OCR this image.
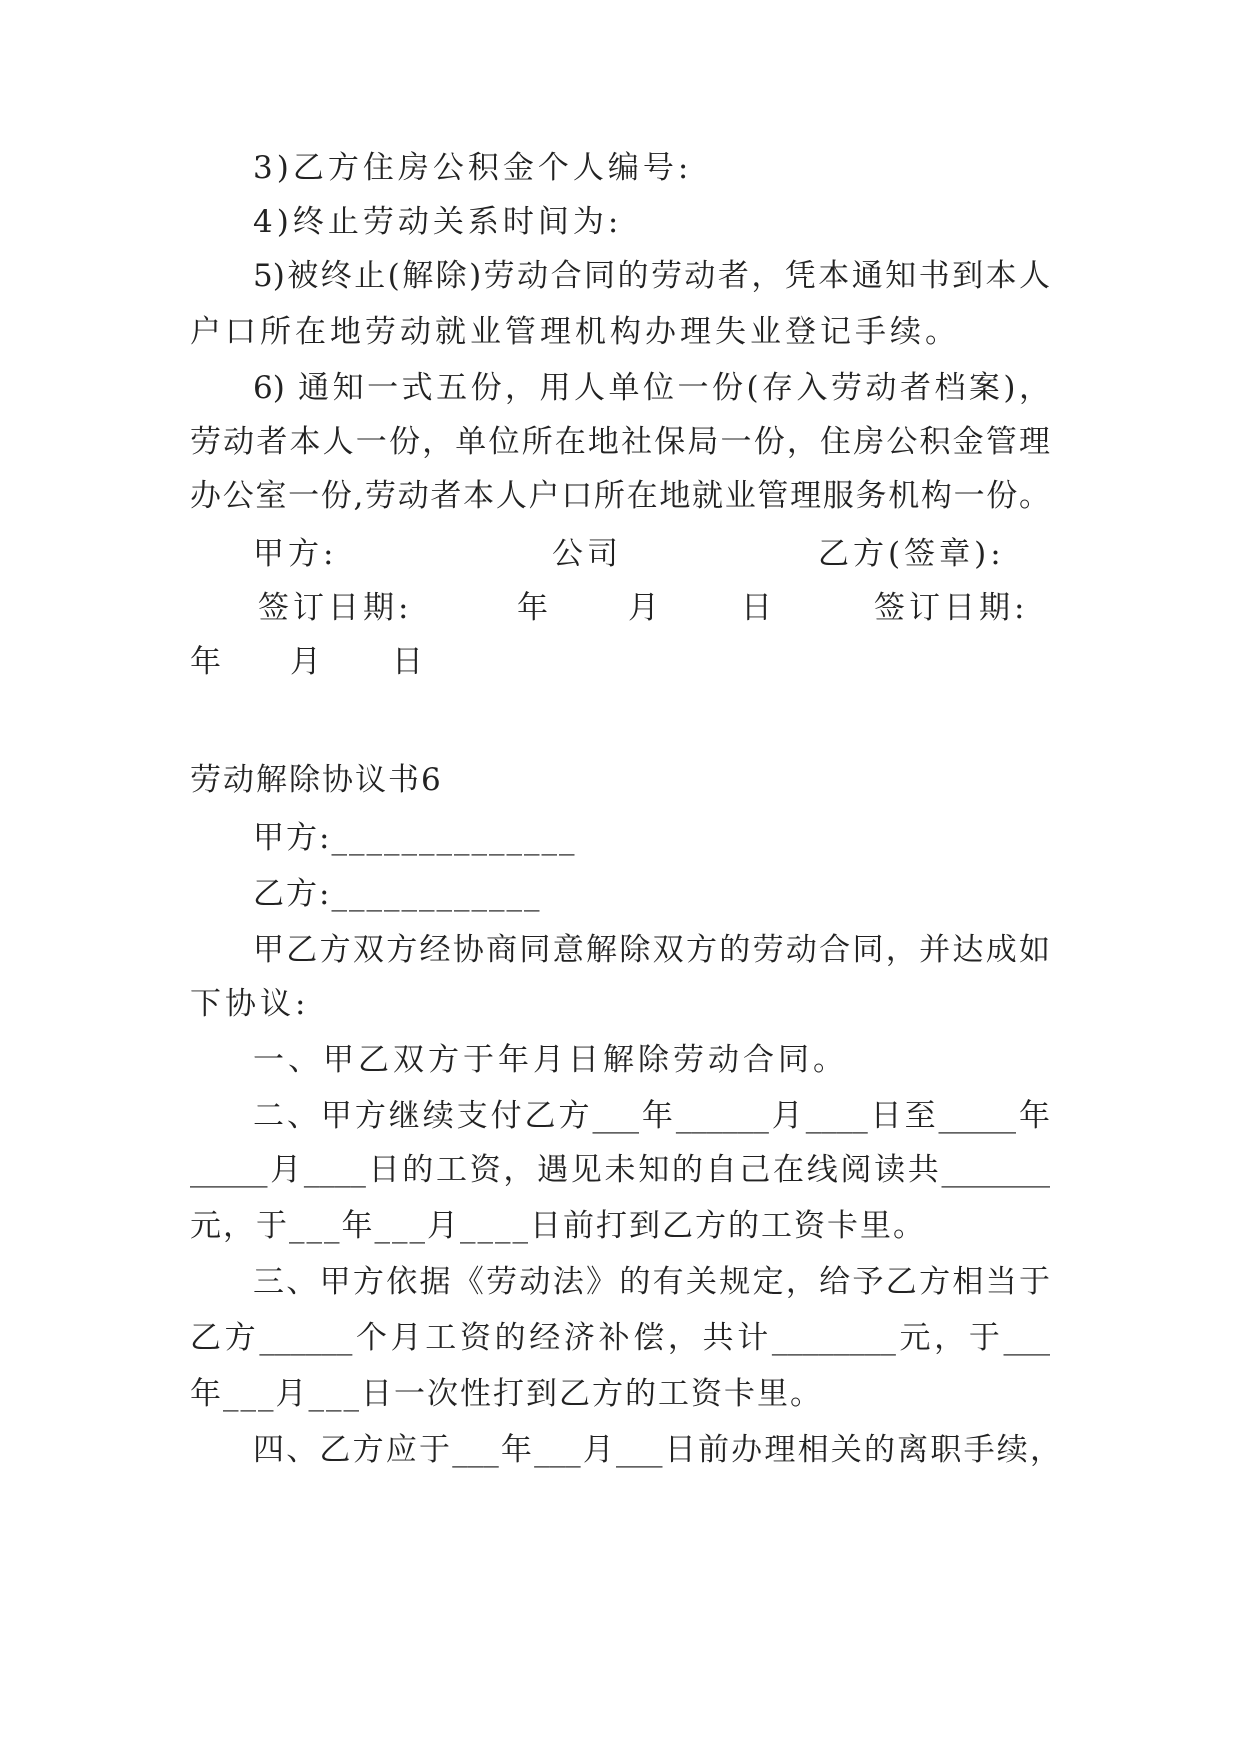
3)乙方住房公积金个人编号:
4)终止劳动关系时间为:
5)被终止(解除)劳动合同的劳动者，凭本通知书到本人
户口所在地劳动就业管理机构办理失业登记手续。
6) 通知一式五份，用人单位一份(存入劳动者档案)，
劳动者本人一份，单位所在地社保局一份，住房公积金管理
办公室一份,劳动者本人户口所在地就业管理服务机构一份。
甲方:	公司	乙方(签章):
签订日期:	年 月	日	签订日期:
年 月 日
劳动解除协议书6
甲方:______________
乙方:____________
甲乙方双方经协商同意解除双方的劳动合同，并达成如
下协议:
一、甲乙双方于年月日解除劳动合同。
二、甲方继续支付乙方___年______月____日至_____年
_____月____日的工资，遇见未知的自己在线阅读共_______
元，于___年___月____日前打到乙方的工资卡里。
三、甲方依据《劳动法》的有关规定，给予乙方相当于
乙方______个月工资的经济补偿，共计________元，于___
年___月___日一次性打到乙方的工资卡里。
四、乙方应于___年___月___日前办理相关的离职手续，
